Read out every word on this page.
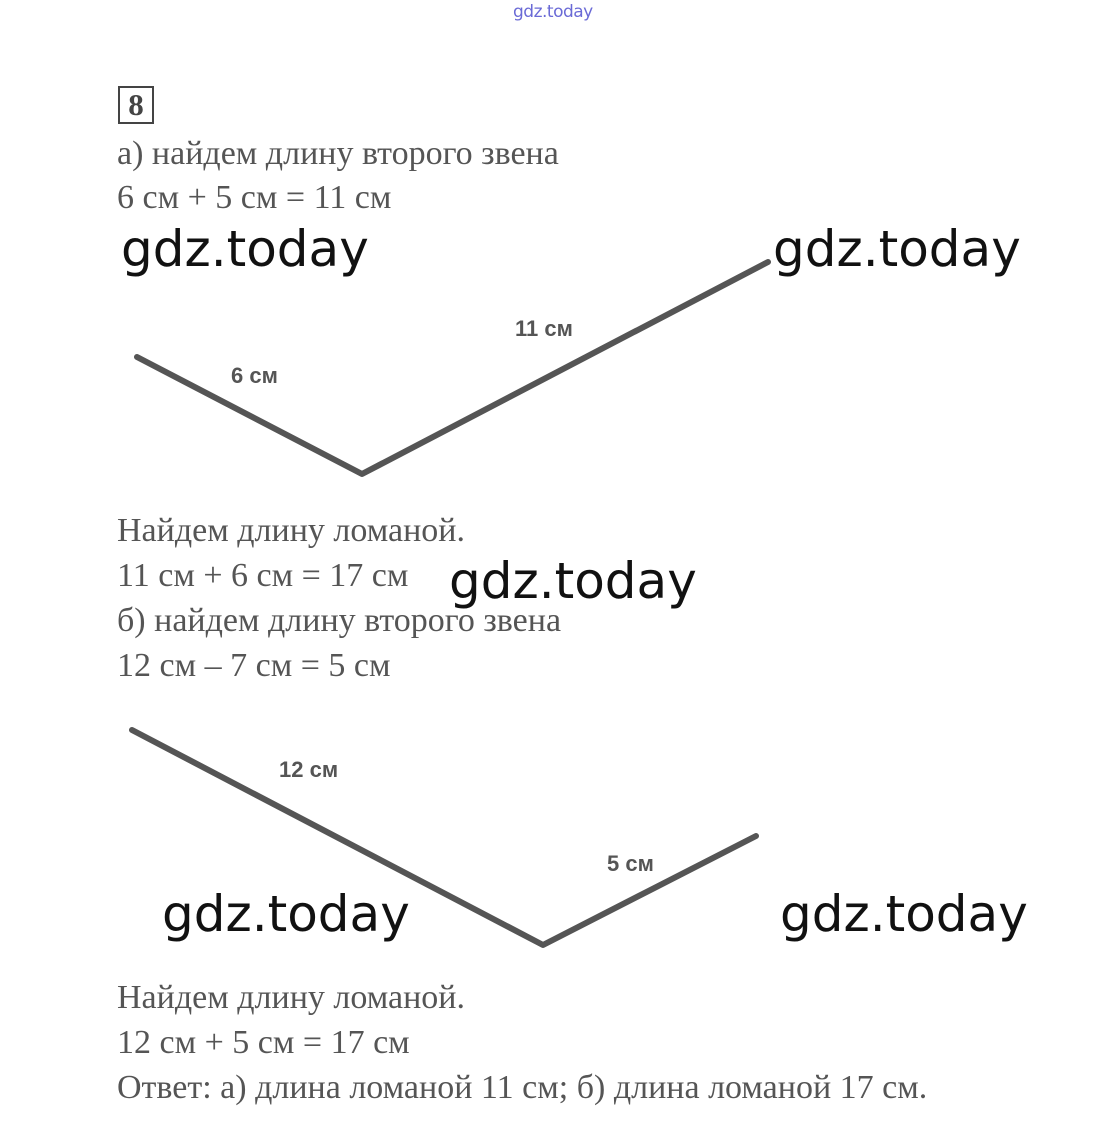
gdz.today
8
а) найдем длину второго звена
6 см + 5 см = 11 см
6 см
11 см
12 см
5 см
Найдем длину ломаной.
11 см + 6 см = 17 см
б) найдем длину второго звена
12 см – 7 см = 5 см
Найдем длину ломаной.
12 см + 5 см = 17 см
Ответ: а) длина ломаной 11 см; б) длина ломаной 17 см.
gdz.today	gdz.today
gdz.today
gdz.today	gdz.today
